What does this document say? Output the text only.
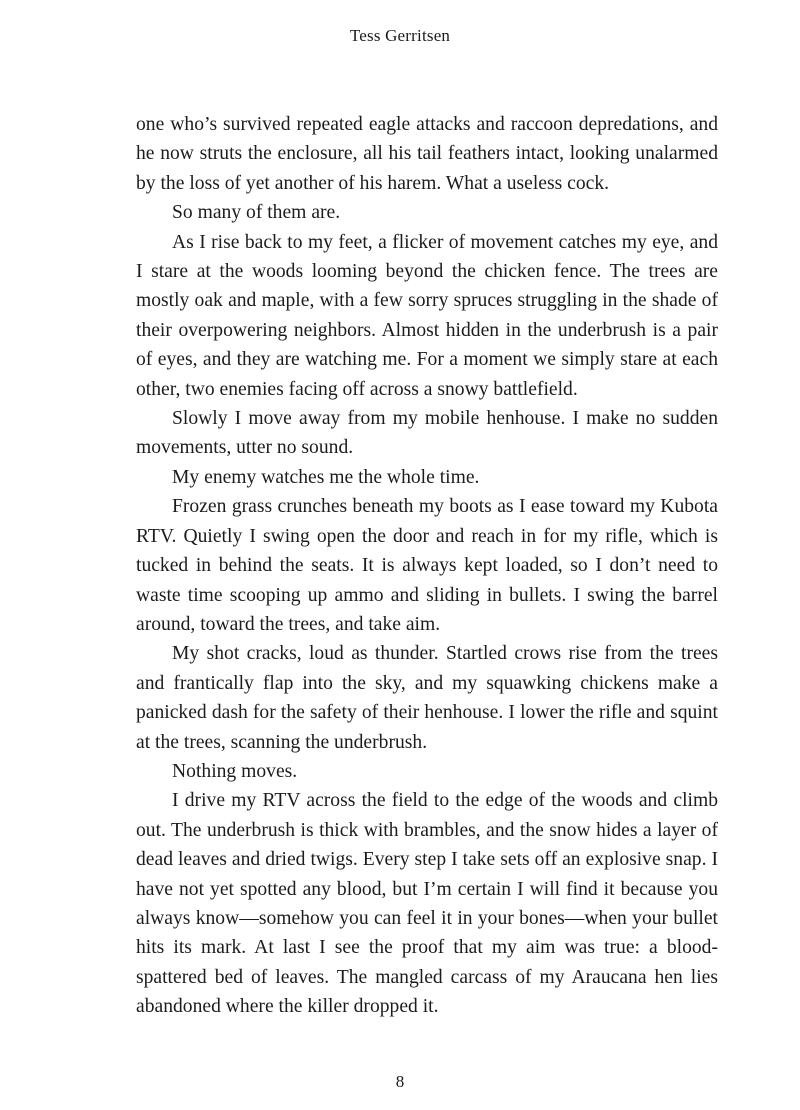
Tess Gerritsen

one who’s survived repeated eagle attacks and raccoon depredations, and he now struts the enclosure, all his tail feathers intact, looking unalarmed by the loss of yet another of his harem. What a useless cock.

So many of them are.

As I rise back to my feet, a flicker of movement catches my eye, and I stare at the woods looming beyond the chicken fence. The trees are mostly oak and maple, with a few sorry spruces struggling in the shade of their overpowering neighbors. Almost hidden in the underbrush is a pair of eyes, and they are watching me. For a moment we simply stare at each other, two enemies facing off across a snowy battlefield.

Slowly I move away from my mobile henhouse. I make no sudden movements, utter no sound.

My enemy watches me the whole time.

Frozen grass crunches beneath my boots as I ease toward my Kubota RTV. Quietly I swing open the door and reach in for my rifle, which is tucked in behind the seats. It is always kept loaded, so I don’t need to waste time scooping up ammo and sliding in bullets. I swing the barrel around, toward the trees, and take aim.

My shot cracks, loud as thunder. Startled crows rise from the trees and frantically flap into the sky, and my squawking chickens make a panicked dash for the safety of their henhouse. I lower the rifle and squint at the trees, scanning the underbrush.

Nothing moves.

I drive my RTV across the field to the edge of the woods and climb out. The underbrush is thick with brambles, and the snow hides a layer of dead leaves and dried twigs. Every step I take sets off an explosive snap. I have not yet spotted any blood, but I’m certain I will find it because you always know—somehow you can feel it in your bones—when your bullet hits its mark. At last I see the proof that my aim was true: a blood-spattered bed of leaves. The mangled carcass of my Araucana hen lies abandoned where the killer dropped it.

8
